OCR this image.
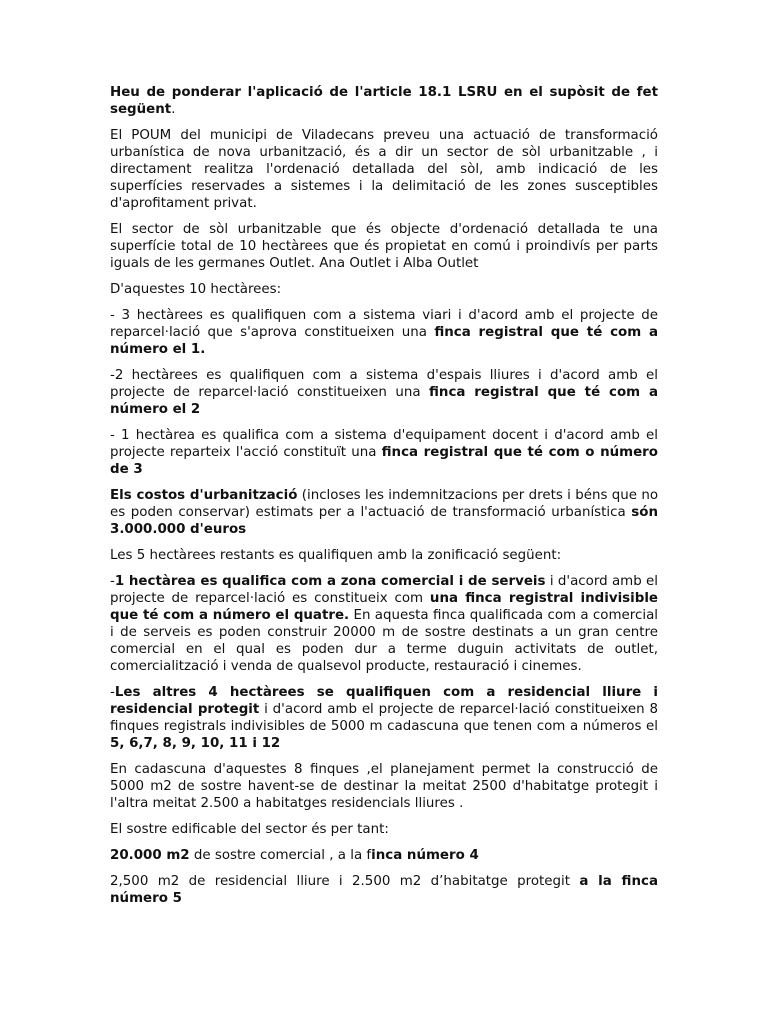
Heu de ponderar l'aplicació de l'article 18.1 LSRU en el supòsit de fet següent.

El POUM del municipi de Viladecans preveu una actuació de transformació urbanística de nova urbanització, és a dir un sector de sòl urbanitzable , i directament realitza l'ordenació detallada del sòl, amb indicació de les superfícies reservades a sistemes i la delimitació de les zones susceptibles d'aprofitament privat.

El sector de sòl urbanitzable que és objecte d'ordenació detallada te una superfície total de 10 hectàrees que és propietat en comú i proindivís per parts iguals de les germanes Outlet. Ana Outlet i Alba Outlet

D'aquestes 10 hectàrees:

- 3 hectàrees es qualifiquen com a sistema viari i d'acord amb el projecte de reparcel·lació que s'aprova constitueixen una finca registral que té com a número el 1.

-2 hectàrees es qualifiquen com a sistema d'espais lliures i d'acord amb el projecte de reparcel·lació constitueixen una finca registral que té com a número el 2

- 1 hectàrea es qualifica com a sistema d'equipament docent i d'acord amb el projecte reparteix l'acció constituït una finca registral que té com o número de 3

Els costos d'urbanització (incloses les indemnitzacions per drets i béns que no es poden conservar) estimats per a l'actuació de transformació urbanística són 3.000.000 d'euros

Les 5 hectàrees restants es qualifiquen amb la zonificació següent:

-1 hectàrea es qualifica com a zona comercial i de serveis i d'acord amb el projecte de reparcel·lació es constitueix com una finca registral indivisible que té com a número el quatre. En aquesta finca qualificada com a comercial i de serveis es poden construir 20000 m de sostre destinats a un gran centre comercial en el qual es poden dur a terme duguin activitats de outlet, comercialització i venda de qualsevol producte, restauració i cinemes.

-Les altres 4 hectàrees se qualifiquen com a residencial lliure i residencial protegit i d'acord amb el projecte de reparcel·lació constitueixen 8 finques registrals indivisibles de 5000 m cadascuna que tenen com a números el 5, 6,7, 8, 9, 10, 11 i 12

En cadascuna d'aquestes 8 finques ,el planejament permet la construcció de 5000 m2 de sostre havent-se de destinar la meitat 2500 d'habitatge protegit i l'altra meitat 2.500 a habitatges residencials lliures .

El sostre edificable del sector és per tant:

20.000 m2 de sostre comercial , a la finca número 4

2,500 m2 de residencial lliure i 2.500 m2 d’habitatge protegit a la finca número 5
